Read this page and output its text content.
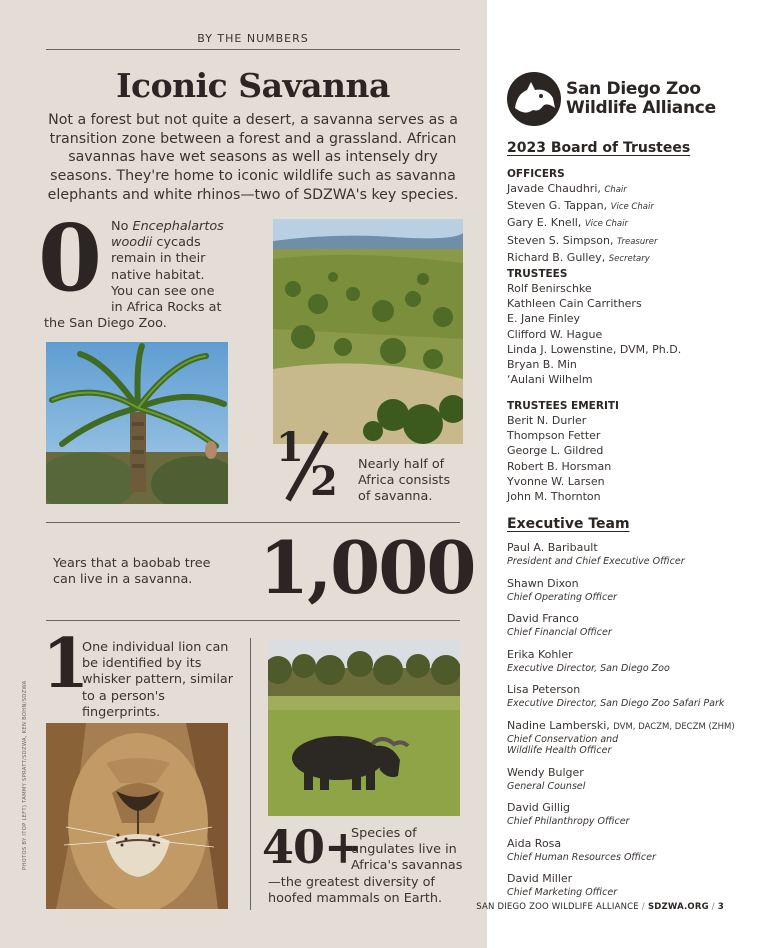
BY THE NUMBERS
Iconic Savanna
Not a forest but not quite a desert, a savanna serves as a transition zone between a forest and a grassland. African savannas have wet seasons as well as intensely dry seasons. They're home to iconic wildlife such as savanna elephants and white rhinos—two of SDZWA's key species.
0 No Encephalartos woodii cycads remain in their native habitat. You can see one in Africa Rocks at the San Diego Zoo.
1
2 Nearly half of Africa consists of savanna.
Years that a baobab tree can live in a savanna. 1,000
1
One individual lion can be identified by its whisker pattern, similar to a person's fingerprints.
40+
Species of ungulates live in Africa's savannas —the greatest diversity of hoofed mammals on Earth.
PHOTOS BY ITOP LEFT) TAMMY SPRATT/SDZWA, KEN BOHN/SDZWA
San Diego Zoo
Wildlife Alliance
2023 Board of Trustees
OFFICERS
Javade Chaudhri, Chair
Steven G. Tappan, Vice Chair
Gary E. Knell, Vice Chair
Steven S. Simpson, Treasurer
Richard B. Gulley, Secretary
TRUSTEES
Rolf Benirschke
Kathleen Cain Carrithers
E. Jane Finley
Clifford W. Hague
Linda J. Lowenstine, DVM, Ph.D.
Bryan B. Min
‘Aulani Wilhelm
TRUSTEES EMERITI
Berit N. Durler
Thompson Fetter
George L. Gildred
Robert B. Horsman
Yvonne W. Larsen
John M. Thornton
Executive Team
Paul A. Baribault
President and Chief Executive Officer
Shawn Dixon
Chief Operating Officer
David Franco
Chief Financial Officer
Erika Kohler
Executive Director, San Diego Zoo
Lisa Peterson
Executive Director, San Diego Zoo Safari Park
Nadine Lamberski, DVM, DACZM, DECZM (ZHM)
Chief Conservation and Wildlife Health Officer
Wendy Bulger
General Counsel
David Gillig
Chief Philanthropy Officer
Aida Rosa
Chief Human Resources Officer
David Miller
Chief Marketing Officer
SAN DIEGO ZOO WILDLIFE ALLIANCE / SDZWA.ORG / 3
